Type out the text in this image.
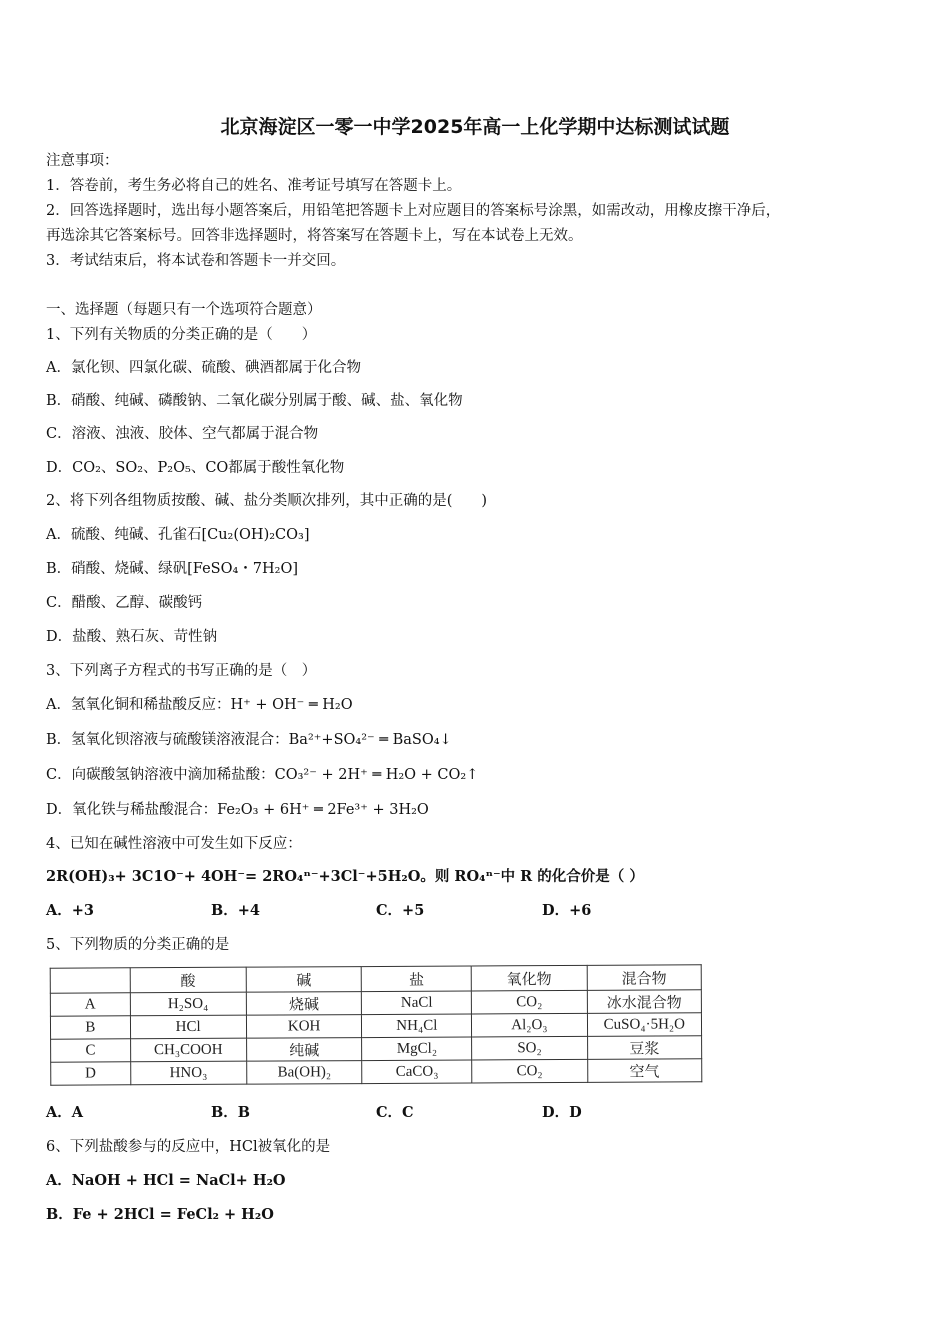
北京海淀区一零一中学2025年高一上化学期中达标测试试题
注意事项：
1．答卷前，考生务必将自己的姓名、准考证号填写在答题卡上。
2．回答选择题时，选出每小题答案后，用铅笔把答题卡上对应题目的答案标号涂黑，如需改动，用橡皮擦干净后，
再选涂其它答案标号。回答非选择题时，将答案写在答题卡上，写在本试卷上无效。
3．考试结束后，将本试卷和答题卡一并交回。
一、选择题（每题只有一个选项符合题意）
1、下列有关物质的分类正确的是（　　）
A．氯化钡、四氯化碳、硫酸、碘酒都属于化合物
B．硝酸、纯碱、磷酸钠、二氧化碳分别属于酸、碱、盐、氧化物
C．溶液、浊液、胶体、空气都属于混合物
D．CO₂、SO₂、P₂O₅、CO都属于酸性氧化物
2、将下列各组物质按酸、碱、盐分类顺次排列，其中正确的是(　　)
A．硫酸、纯碱、孔雀石[Cu₂(OH)₂CO₃]
B．硝酸、烧碱、绿矾[FeSO₄・7H₂O]
C．醋酸、乙醇、碳酸钙
D．盐酸、熟石灰、苛性钠
3、下列离子方程式的书写正确的是（　）
A．氢氧化铜和稀盐酸反应：H⁺ + OH⁻ ═ H₂O
B．氢氧化钡溶液与硫酸镁溶液混合：Ba²⁺+SO₄²⁻ ═ BaSO₄↓
C．向碳酸氢钠溶液中滴加稀盐酸：CO₃²⁻ + 2H⁺ ═ H₂O + CO₂↑
D．氧化铁与稀盐酸混合：Fe₂O₃ + 6H⁺ ═ 2Fe³⁺ + 3H₂O
4、已知在碱性溶液中可发生如下反应：
2R(OH)₃+ 3C1O⁻+ 4OH⁻= 2RO₄ⁿ⁻+3Cl⁻+5H₂O。则 RO₄ⁿ⁻中 R 的化合价是（ ）
A．+3	B．+4	C．+5	D．+6
5、下列物质的分类正确的是
	酸	碱	盐	氧化物	混合物
A	H₂SO₄	烧碱	NaCl	CO₂	冰水混合物
B	HCl	KOH	NH₄Cl	Al₂O₃	CuSO₄·5H₂O
C	CH₃COOH	纯碱	MgCl₂	SO₂	豆浆
D	HNO₃	Ba(OH)₂	CaCO₃	CO₂	空气
A．A	B．B	C．C	D．D
6、下列盐酸参与的反应中，HCl被氧化的是
A．NaOH + HCl = NaCl+ H₂O
B．Fe + 2HCl = FeCl₂ + H₂O
